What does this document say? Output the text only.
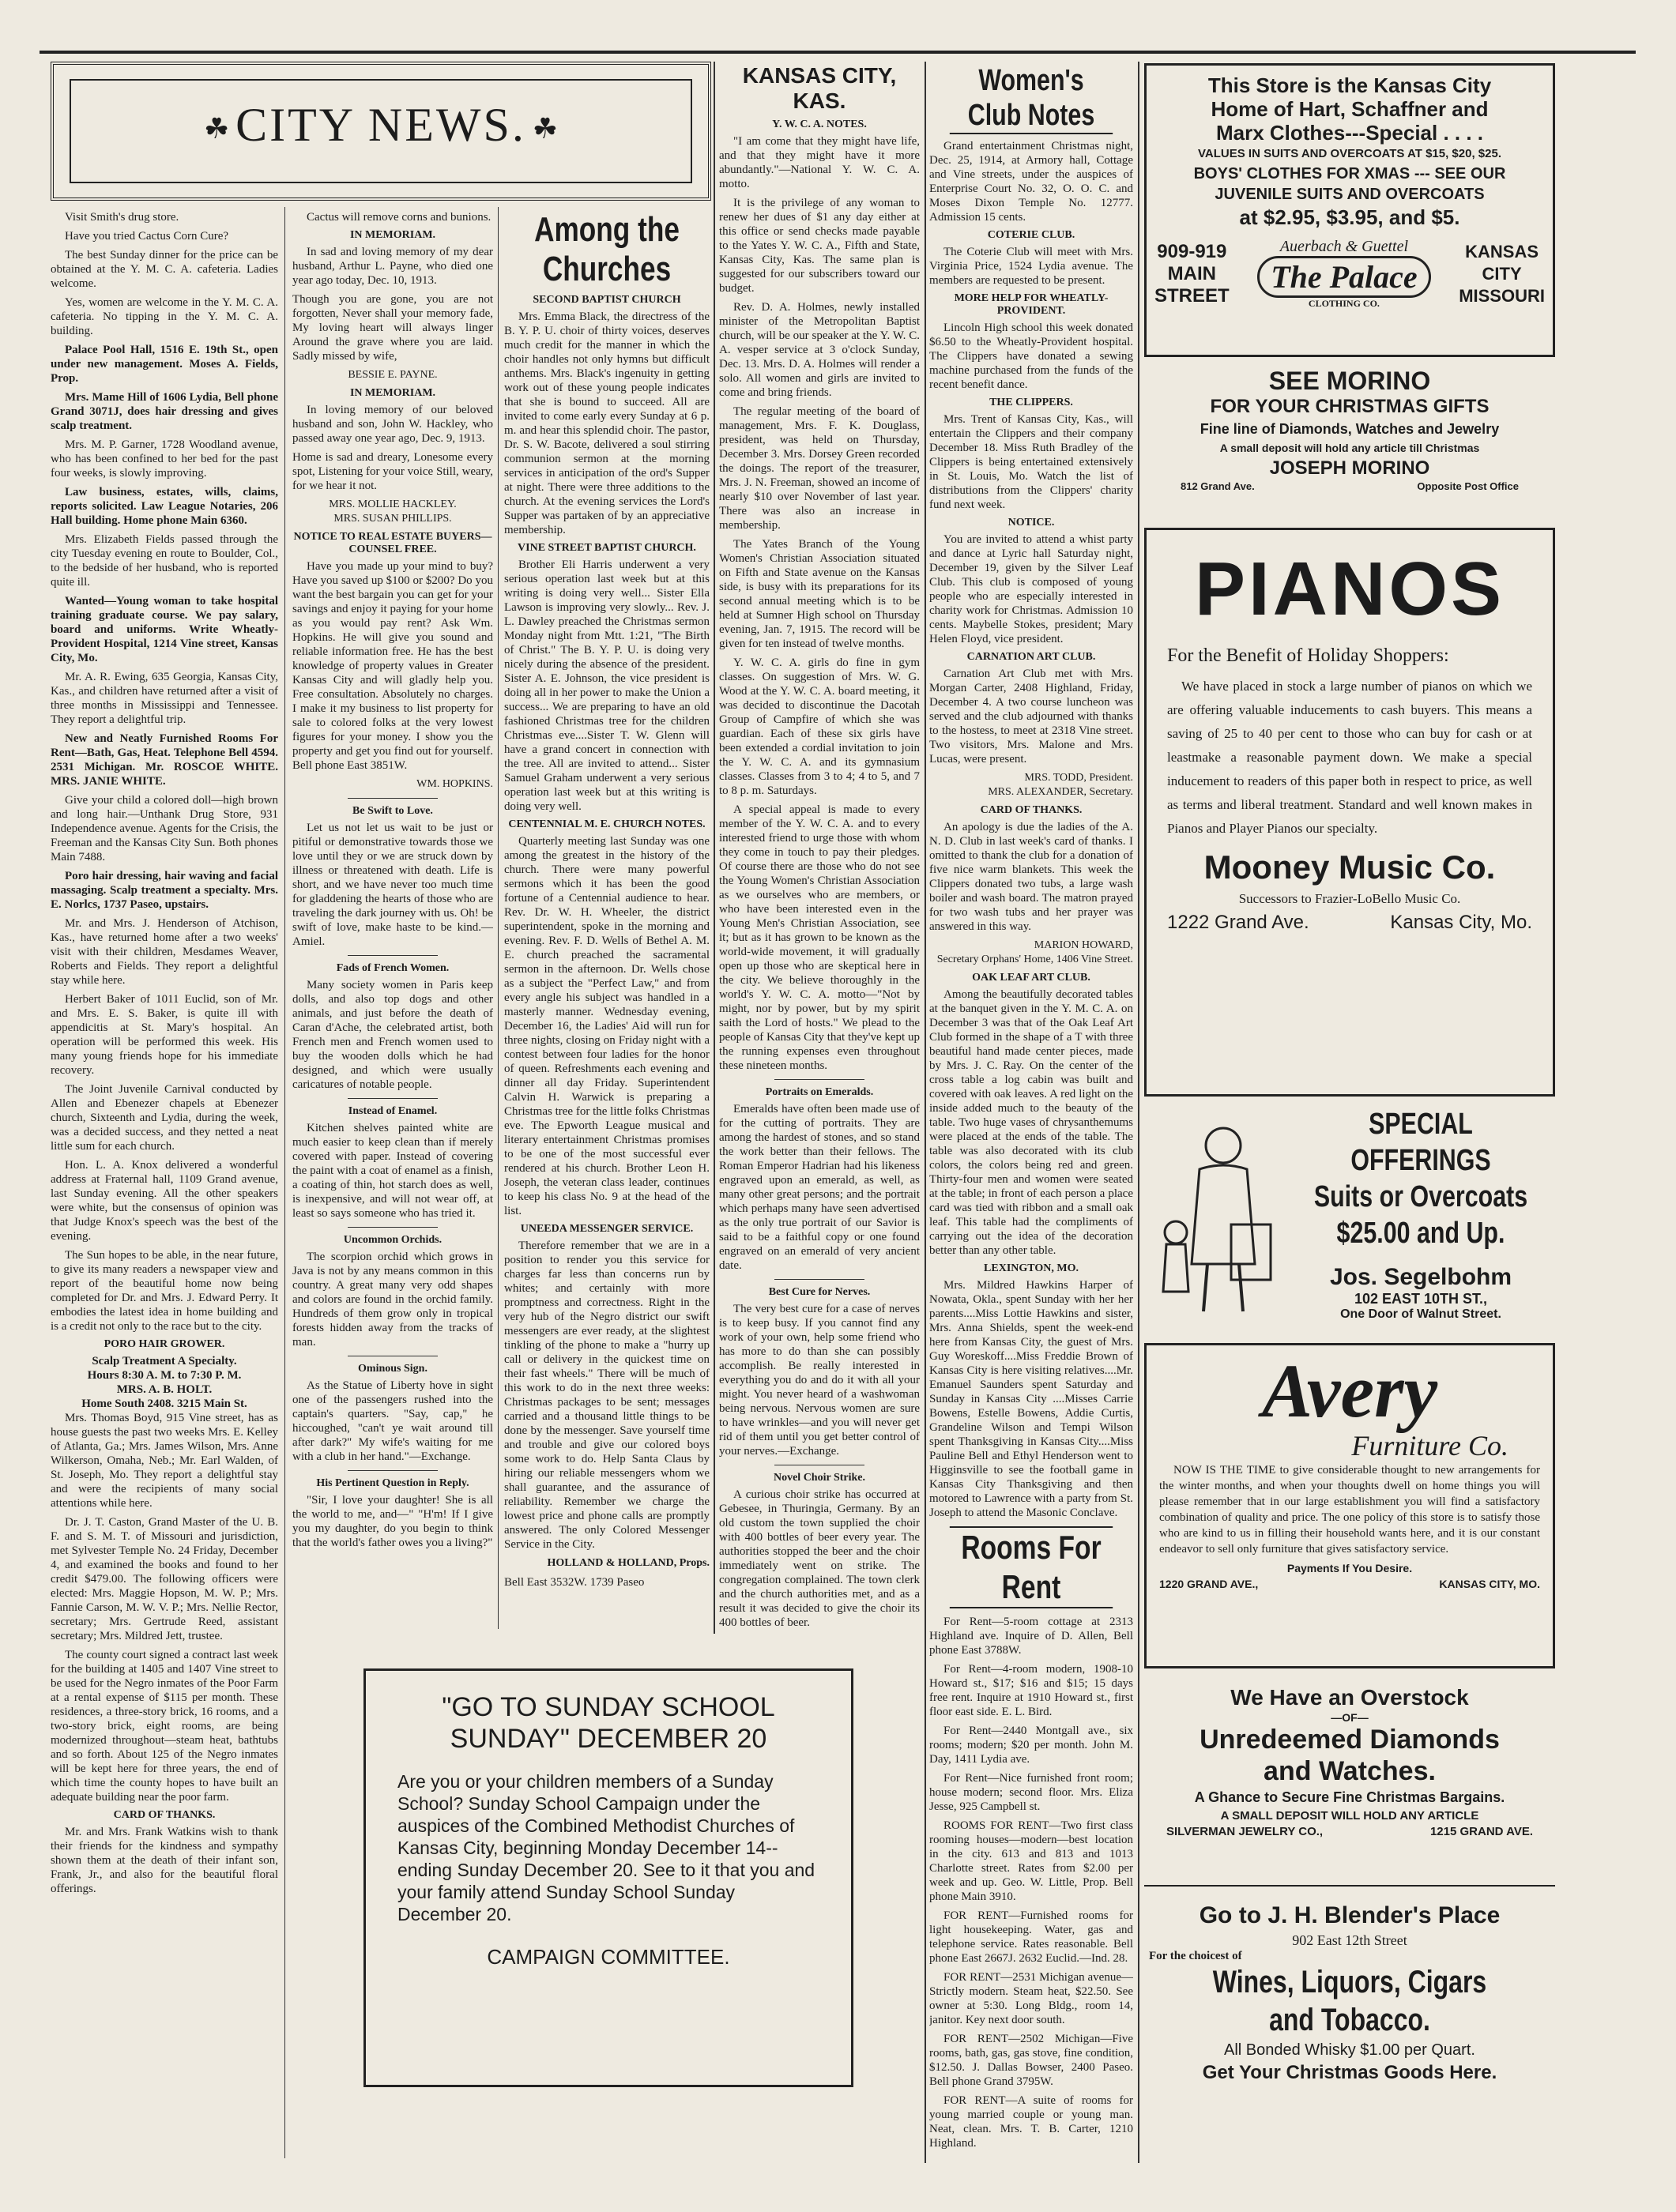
☘ CITY NEWS. ☘

Visit Smith's drug store.

Have you tried Cactus Corn Cure?

The best Sunday dinner for the price can be obtained at the Y. M. C. A. cafeteria. Ladies welcome.

Yes, women are welcome in the Y. M. C. A. cafeteria. No tipping in the Y. M. C. A. building.

Palace Pool Hall, 1516 E. 19th St., open under new management. Moses A. Fields, Prop.

Mrs. Mame Hill of 1606 Lydia, Bell phone Grand 3071J, does hair dressing and gives scalp treatment.

Mrs. M. P. Garner, 1728 Woodland avenue, who has been confined to her bed for the past four weeks, is slowly improving.

Law business, estates, wills, claims, reports solicited. Law League Notaries, 206 Hall building. Home phone Main 6360.

Mrs. Elizabeth Fields passed through the city Tuesday evening en route to Boulder, Col., to the bedside of her husband, who is reported quite ill.

Wanted—Young woman to take hospital training graduate course. We pay salary, board and uniforms. Write Wheatly-Provident Hospital, 1214 Vine street, Kansas City, Mo.

Mr. A. R. Ewing, 635 Georgia, Kansas City, Kas., and children have returned after a visit of three months in Mississippi and Tennessee. They report a delightful trip.

New and Neatly Furnished Rooms For Rent—Bath, Gas, Heat. Telephone Bell 4594. 2531 Michigan. Mr. ROSCOE WHITE. MRS. JANIE WHITE.

Give your child a colored doll—high brown and long hair.—Unthank Drug Store, 931 Independence avenue. Agents for the Crisis, the Freeman and the Kansas City Sun. Both phones Main 7488.

Poro hair dressing, hair waving and facial massaging. Scalp treatment a specialty. Mrs. E. Norlcs, 1737 Paseo, upstairs.

Mr. and Mrs. J. Henderson of Atchison, Kas., have returned home after a two weeks' visit with their children, Mesdames Weaver, Roberts and Fields. They report a delightful stay while here.

Herbert Baker of 1011 Euclid, son of Mr. and Mrs. E. S. Baker, is quite ill with appendicitis at St. Mary's hospital. An operation will be performed this week. His many young friends hope for his immediate recovery.

The Joint Juvenile Carnival conducted by Allen and Ebenezer chapels at Ebenezer church, Sixteenth and Lydia, during the week, was a decided success, and they netted a neat little sum for each church.

Hon. L. A. Knox delivered a wonderful address at Fraternal hall, 1109 Grand avenue, last Sunday evening. All the other speakers were white, but the consensus of opinion was that Judge Knox's speech was the best of the evening.

The Sun hopes to be able, in the near future, to give its many readers a newspaper view and report of the beautiful home now being completed for Dr. and Mrs. J. Edward Perry. It embodies the latest idea in home building and is a credit not only to the race but to the city.

PORO HAIR GROWER.

Scalp Treatment A Specialty.

Hours 8:30 A. M. to 7:30 P. M.

MRS. A. B. HOLT.

Home South 2408. 3215 Main St.

Mrs. Thomas Boyd, 915 Vine street, has as house guests the past two weeks Mrs. E. Kelley of Atlanta, Ga.; Mrs. James Wilson, Mrs. Anne Wilkerson, Omaha, Neb.; Mr. Earl Walden, of St. Joseph, Mo. They report a delightful stay and were the recipients of many social attentions while here.

Dr. J. T. Caston, Grand Master of the U. B. F. and S. M. T. of Missouri and jurisdiction, met Sylvester Temple No. 24 Friday, December 4, and examined the books and found to her credit $479.00. The following officers were elected: Mrs. Maggie Hopson, M. W. P.; Mrs. Fannie Carson, M. W. V. P.; Mrs. Nellie Rector, secretary; Mrs. Gertrude Reed, assistant secretary; Mrs. Mildred Jett, trustee.

The county court signed a contract last week for the building at 1405 and 1407 Vine street to be used for the Negro inmates of the Poor Farm at a rental expense of $115 per month. These residences, a three-story brick, 16 rooms, and a two-story brick, eight rooms, are being modernized throughout—steam heat, bathtubs and so forth. About 125 of the Negro inmates will be kept here for three years, the end of which time the county hopes to have built an adequate building near the poor farm.

CARD OF THANKS.

Mr. and Mrs. Frank Watkins wish to thank their friends for the kindness and sympathy shown them at the death of their infant son, Frank, Jr., and also for the beautiful floral offerings.

Cactus will remove corns and bunions.

IN MEMORIAM.

In sad and loving memory of my dear husband, Arthur L. Payne, who died one year ago today, Dec. 10, 1913.

Though you are gone, you are not forgotten, Never shall your memory fade, My loving heart will always linger Around the grave where you are laid. Sadly missed by wife,

BESSIE E. PAYNE.

IN MEMORIAM.

In loving memory of our beloved husband and son, John W. Hackley, who passed away one year ago, Dec. 9, 1913.

Home is sad and dreary, Lonesome every spot, Listening for your voice Still, weary, for we hear it not.

MRS. MOLLIE HACKLEY.

MRS. SUSAN PHILLIPS.

NOTICE TO REAL ESTATE BUYERS—COUNSEL FREE.

Have you made up your mind to buy? Have you saved up $100 or $200? Do you want the best bargain you can get for your savings and enjoy it paying for your home as you would pay rent? Ask Wm. Hopkins. He will give you sound and reliable information free. He has the best knowledge of property values in Greater Kansas City and will gladly help you. Free consultation. Absolutely no charges. I make it my business to list property for sale to colored folks at the very lowest figures for your money. I show you the property and get you find out for yourself. Bell phone East 3851W.

WM. HOPKINS.

Be Swift to Love.

Let us not let us wait to be just or pitiful or demonstrative towards those we love until they or we are struck down by illness or threatened with death. Life is short, and we have never too much time for gladdening the hearts of those who are traveling the dark journey with us. Oh! be swift of love, make haste to be kind.—Amiel.

Fads of French Women.

Many society women in Paris keep dolls, and also top dogs and other animals, and just before the death of Caran d'Ache, the celebrated artist, both French men and French women used to buy the wooden dolls which he had designed, and which were usually caricatures of notable people.

Instead of Enamel.

Kitchen shelves painted white are much easier to keep clean than if merely covered with paper. Instead of covering the paint with a coat of enamel as a finish, a coating of thin, hot starch does as well, is inexpensive, and will not wear off, at least so says someone who has tried it.

Uncommon Orchids.

The scorpion orchid which grows in Java is not by any means common in this country. A great many very odd shapes and colors are found in the orchid family. Hundreds of them grow only in tropical forests hidden away from the tracks of man.

Ominous Sign.

As the Statue of Liberty hove in sight one of the passengers rushed into the captain's quarters. "Say, cap," he hiccoughed, "can't ye wait around till after dark?" My wife's waiting for me with a club in her hand."—Exchange.

His Pertinent Question in Reply.

"Sir, I love your daughter! She is all the world to me, and—" "H'm! If I give you my daughter, do you begin to think that the world's father owes you a living?"

Among the Churches
SECOND BAPTIST CHURCH

Mrs. Emma Black, the directress of the B. Y. P. U. choir of thirty voices, deserves much credit for the manner in which the choir handles not only hymns but difficult anthems. Mrs. Black's ingenuity in getting work out of these young people indicates that she is bound to succeed. All are invited to come early every Sunday at 6 p. m. and hear this splendid choir. The pastor, Dr. S. W. Bacote, delivered a soul stirring communion sermon at the morning services in anticipation of the ord's Supper at night. There were three additions to the church. At the evening services the Lord's Supper was partaken of by an appreciative membership.

VINE STREET BAPTIST CHURCH.

Brother Eli Harris underwent a very serious operation last week but at this writing is doing very well... Sister Ella Lawson is improving very slowly... Rev. J. L. Dawley preached the Christmas sermon Monday night from Mtt. 1:21, "The Birth of Christ." The B. Y. P. U. is doing very nicely during the absence of the president. Sister A. E. Johnson, the vice president is doing all in her power to make the Union a success... We are preparing to have an old fashioned Christmas tree for the children Christmas eve....Sister T. W. Glenn will have a grand concert in connection with the tree. All are invited to attend... Sister Samuel Graham underwent a very serious operation last week but at this writing is doing very well.

CENTENNIAL M. E. CHURCH NOTES.

Quarterly meeting last Sunday was one among the greatest in the history of the church. There were many powerful sermons which it has been the good fortune of a Centennial audience to hear. Rev. Dr. W. H. Wheeler, the district superintendent, spoke in the morning and evening. Rev. F. D. Wells of Bethel A. M. E. church preached the sacramental sermon in the afternoon. Dr. Wells chose as a subject the "Perfect Law," and from every angle his subject was handled in a masterly manner. Wednesday evening, December 16, the Ladies' Aid will run for three nights, closing on Friday night with a contest between four ladies for the honor of queen. Refreshments each evening and dinner all day Friday. Superintendent Calvin H. Warwick is preparing a Christmas tree for the little folks Christmas eve. The Epworth League musical and literary entertainment Christmas promises to be one of the most successful ever rendered at his church. Brother Leon H. Joseph, the veteran class leader, continues to keep his class No. 9 at the head of the list.

UNEEDA MESSENGER SERVICE.

Therefore remember that we are in a position to render you this service for charges far less than concerns run by whites; and certainly with more promptness and correctness. Right in the very hub of the Negro district our swift messengers are ever ready, at the slightest tinkling of the phone to make a "hurry up call or delivery in the quickest time on their fast wheels." There will be much of this work to do in the next three weeks: Christmas packages to be sent; messages carried and a thousand little things to be done by the messenger. Save yourself time and trouble and give our colored boys some work to do. Help Santa Claus by hiring our reliable messengers whom we shall guarantee, and the assurance of reliability. Remember we charge the lowest price and phone calls are promptly answered. The only Colored Messenger Service in the City.

HOLLAND & HOLLAND, Props.

Bell East 3532W. 1739 Paseo

KANSAS CITY, KAS.
Y. W. C. A. NOTES.

"I am come that they might have life, and that they might have it more abundantly."—National Y. W. C. A. motto.

It is the privilege of any woman to renew her dues of $1 any day either at this office or send checks made payable to the Yates Y. W. C. A., Fifth and State, Kansas City, Kas. The same plan is suggested for our subscribers toward our budget.

Rev. D. A. Holmes, newly installed minister of the Metropolitan Baptist church, will be our speaker at the Y. W. C. A. vesper service at 3 o'clock Sunday, Dec. 13. Mrs. D. A. Holmes will render a solo. All women and girls are invited to come and bring friends.

The regular meeting of the board of management, Mrs. F. K. Douglass, president, was held on Thursday, December 3. Mrs. Dorsey Green recorded the doings. The report of the treasurer, Mrs. J. N. Freeman, showed an income of nearly $10 over November of last year. There was also an increase in membership.

The Yates Branch of the Young Women's Christian Association situated on Fifth and State avenue on the Kansas side, is busy with its preparations for its second annual meeting which is to be held at Sumner High school on Thursday evening, Jan. 7, 1915. The record will be given for ten instead of twelve months.

Y. W. C. A. girls do fine in gym classes. On suggestion of Mrs. W. G. Wood at the Y. W. C. A. board meeting, it was decided to discontinue the Dacotah Group of Campfire of which she was guardian. Each of these six girls have been extended a cordial invitation to join the Y. W. C. A. and its gymnasium classes. Classes from 3 to 4; 4 to 5, and 7 to 8 p. m. Saturdays.

A special appeal is made to every member of the Y. W. C. A. and to every interested friend to urge those with whom they come in touch to pay their pledges. Of course there are those who do not see the Young Women's Christian Association as we ourselves who are members, or who have been interested even in the Young Men's Christian Association, see it; but as it has grown to be known as the world-wide movement, it will gradually open up those who are skeptical here in the city. We believe thoroughly in the world's Y. W. C. A. motto—"Not by might, nor by power, but by my spirit saith the Lord of hosts." We plead to the people of Kansas City that they've kept up the running expenses even throughout these nineteen months.

Portraits on Emeralds.

Emeralds have often been made use of for the cutting of portraits. They are among the hardest of stones, and so stand the work better than their fellows. The Roman Emperor Hadrian had his likeness engraved upon an emerald, as well, as many other great persons; and the portrait which perhaps many have seen advertised as the only true portrait of our Savior is said to be a faithful copy or one found engraved on an emerald of very ancient date.

Best Cure for Nerves.

The very best cure for a case of nerves is to keep busy. If you cannot find any work of your own, help some friend who has more to do than she can possibly accomplish. Be really interested in everything you do and do it with all your might. You never heard of a washwoman being nervous. Nervous women are sure to have wrinkles—and you will never get rid of them until you get better control of your nerves.—Exchange.

Novel Choir Strike.

A curious choir strike has occurred at Gebesee, in Thuringia, Germany. By an old custom the town supplied the choir with 400 bottles of beer every year. The authorities stopped the beer and the choir immediately went on strike. The congregation complained. The town clerk and the church authorities met, and as a result it was decided to give the choir its 400 bottles of beer.

Women's Club Notes

Grand entertainment Christmas night, Dec. 25, 1914, at Armory hall, Cottage and Vine streets, under the auspices of Enterprise Court No. 32, O. O. C. and Moses Dixon Temple No. 12777. Admission 15 cents.

COTERIE CLUB.

The Coterie Club will meet with Mrs. Virginia Price, 1524 Lydia avenue. The members are requested to be present.

MORE HELP FOR WHEATLY-PROVIDENT.

Lincoln High school this week donated $6.50 to the Wheatly-Provident hospital. The Clippers have donated a sewing machine purchased from the funds of the recent benefit dance.

THE CLIPPERS.

Mrs. Trent of Kansas City, Kas., will entertain the Clippers and their company December 18. Miss Ruth Bradley of the Clippers is being entertained extensively in St. Louis, Mo. Watch the list of distributions from the Clippers' charity fund next week.

NOTICE.

You are invited to attend a whist party and dance at Lyric hall Saturday night, December 19, given by the Silver Leaf Club. This club is composed of young people who are especially interested in charity work for Christmas. Admission 10 cents. Maybelle Stokes, president; Mary Helen Floyd, vice president.

CARNATION ART CLUB.

Carnation Art Club met with Mrs. Morgan Carter, 2408 Highland, Friday, December 4. A two course luncheon was served and the club adjourned with thanks to the hostess, to meet at 2318 Vine street. Two visitors, Mrs. Malone and Mrs. Lucas, were present.

MRS. TODD, President.

MRS. ALEXANDER, Secretary.

CARD OF THANKS.

An apology is due the ladies of the A. N. D. Club in last week's card of thanks. I omitted to thank the club for a donation of five nice warm blankets. This week the Clippers donated two tubs, a large wash boiler and wash board. The matron prayed for two wash tubs and her prayer was answered in this way.

MARION HOWARD,

Secretary Orphans' Home, 1406 Vine Street.

OAK LEAF ART CLUB.

Among the beautifully decorated tables at the banquet given in the Y. M. C. A. on December 3 was that of the Oak Leaf Art Club formed in the shape of a T with three beautiful hand made center pieces, made by Mrs. J. C. Ray. On the center of the cross table a log cabin was built and covered with oak leaves. A red light on the inside added much to the beauty of the table. Two huge vases of chrysanthemums were placed at the ends of the table. The table was also decorated with its club colors, the colors being red and green. Thirty-four men and women were seated at the table; in front of each person a place card was tied with ribbon and a small oak leaf. This table had the compliments of carrying out the idea of the decoration better than any other table.

LEXINGTON, MO.

Mrs. Mildred Hawkins Harper of Nowata, Okla., spent Sunday with her her parents....Miss Lottie Hawkins and sister, Mrs. Anna Shields, spent the week-end here from Kansas City, the guest of Mrs. Guy Woreskoff....Miss Freddie Brown of Kansas City is here visiting relatives....Mr. Emanuel Saunders spent Saturday and Sunday in Kansas City ....Misses Carrie Bowens, Estelle Bowens, Addie Curtis, Grandeline Wilson and Tempi Wilson spent Thanksgiving in Kansas City....Miss Pauline Bell and Ethyl Henderson went to Higginsville to see the football game in Kansas City Thanksgiving and then motored to Lawrence with a party from St. Joseph to attend the Masonic Conclave.

Rooms For Rent

For Rent—5-room cottage at 2313 Highland ave. Inquire of D. Allen, Bell phone East 3788W.

For Rent—4-room modern, 1908-10 Howard st., $17; $16 and $15; 15 days free rent. Inquire at 1910 Howard st., first floor east side. E. L. Bird.

For Rent—2440 Montgall ave., six rooms; modern; $20 per month. John M. Day, 1411 Lydia ave.

For Rent—Nice furnished front room; house modern; second floor. Mrs. Eliza Jesse, 925 Campbell st.

ROOMS FOR RENT—Two first class rooming houses—modern—best location in the city. 613 and 813 and 1013 Charlotte street. Rates from $2.00 per week and up. Geo. W. Little, Prop. Bell phone Main 3910.

FOR RENT—Furnished rooms for light housekeeping. Water, gas and telephone service. Rates reasonable. Bell phone East 2667J. 2632 Euclid.—Ind. 28.

FOR RENT—2531 Michigan avenue—Strictly modern. Steam heat, $22.50. See owner at 5:30. Long Bldg., room 14, janitor. Key next door south.

FOR RENT—2502 Michigan—Five rooms, bath, gas, gas stove, fine condition, $12.50. J. Dallas Bowser, 2400 Paseo. Bell phone Grand 3795W.

FOR RENT—A suite of rooms for young married couple or young man. Neat, clean. Mrs. T. B. Carter, 1210 Highland.

This Store is the Kansas City
Home of Hart, Schaffner and
Marx Clothes---Special . . . .
VALUES IN SUITS AND OVERCOATS AT $15, $20, $25.
BOYS' CLOTHES FOR XMAS --- SEE OUR
JUVENILE SUITS AND OVERCOATS
at $2.95, $3.95, and $5.
909-919
MAIN
STREET
Auerbach & Guettel
The Palace
CLOTHING CO.
KANSAS
CITY
MISSOURI
SEE MORINO
FOR YOUR CHRISTMAS GIFTS
Fine line of Diamonds, Watches and Jewelry
A small deposit will hold any article till Christmas
JOSEPH MORINO
812 Grand Ave.	Opposite Post Office
PIANOS
For the Benefit of Holiday Shoppers:

We have placed in stock a large number of pianos on which we are offering valuable inducements to cash buyers. This means a saving of 25 to 40 per cent to those who can buy for cash or at leastmake a reasonable payment down. We make a special inducement to readers of this paper both in respect to price, as well as terms and liberal treatment. Standard and well known makes in Pianos and Player Pianos our specialty.

Mooney Music Co.
Successors to Frazier-LoBello Music Co.
1222 Grand Ave.	Kansas City, Mo.
SPECIAL OFFERINGS
Suits or Overcoats
$25.00 and Up.
Jos. Segelbohm
102 EAST 10TH ST.,
One Door of Walnut Street.
Avery
Furniture Co.

NOW IS THE TIME to give considerable thought to new arrangements for the winter months, and when your thoughts dwell on home things you will please remember that in our large establishment you will find a satisfactory combination of quality and price. The one policy of this store is to satisfy those who are kind to us in filling their household wants here, and it is our constant endeavor to sell only furniture that gives satisfactory service.

Payments If You Desire.
1220 GRAND AVE.,	KANSAS CITY, MO.
We Have an Overstock
—OF—
Unredeemed Diamonds
and Watches.
A Ghance to Secure Fine Christmas Bargains.
A SMALL DEPOSIT WILL HOLD ANY ARTICLE
SILVERMAN JEWELRY CO.,	1215 GRAND AVE.
Go to J. H. Blender's Place
902 East 12th Street
For the choicest of
Wines, Liquors, Cigars and Tobacco.
All Bonded Whisky $1.00 per Quart.
Get Your Christmas Goods Here.
"GO TO SUNDAY SCHOOL
SUNDAY" DECEMBER 20
Are you or your children members of a Sunday School? Sunday School Campaign under the auspices of the Combined Methodist Churches of Kansas City, beginning Monday December 14--ending Sunday December 20. See to it that you and your family attend Sunday School Sunday December 20.
CAMPAIGN COMMITTEE.
